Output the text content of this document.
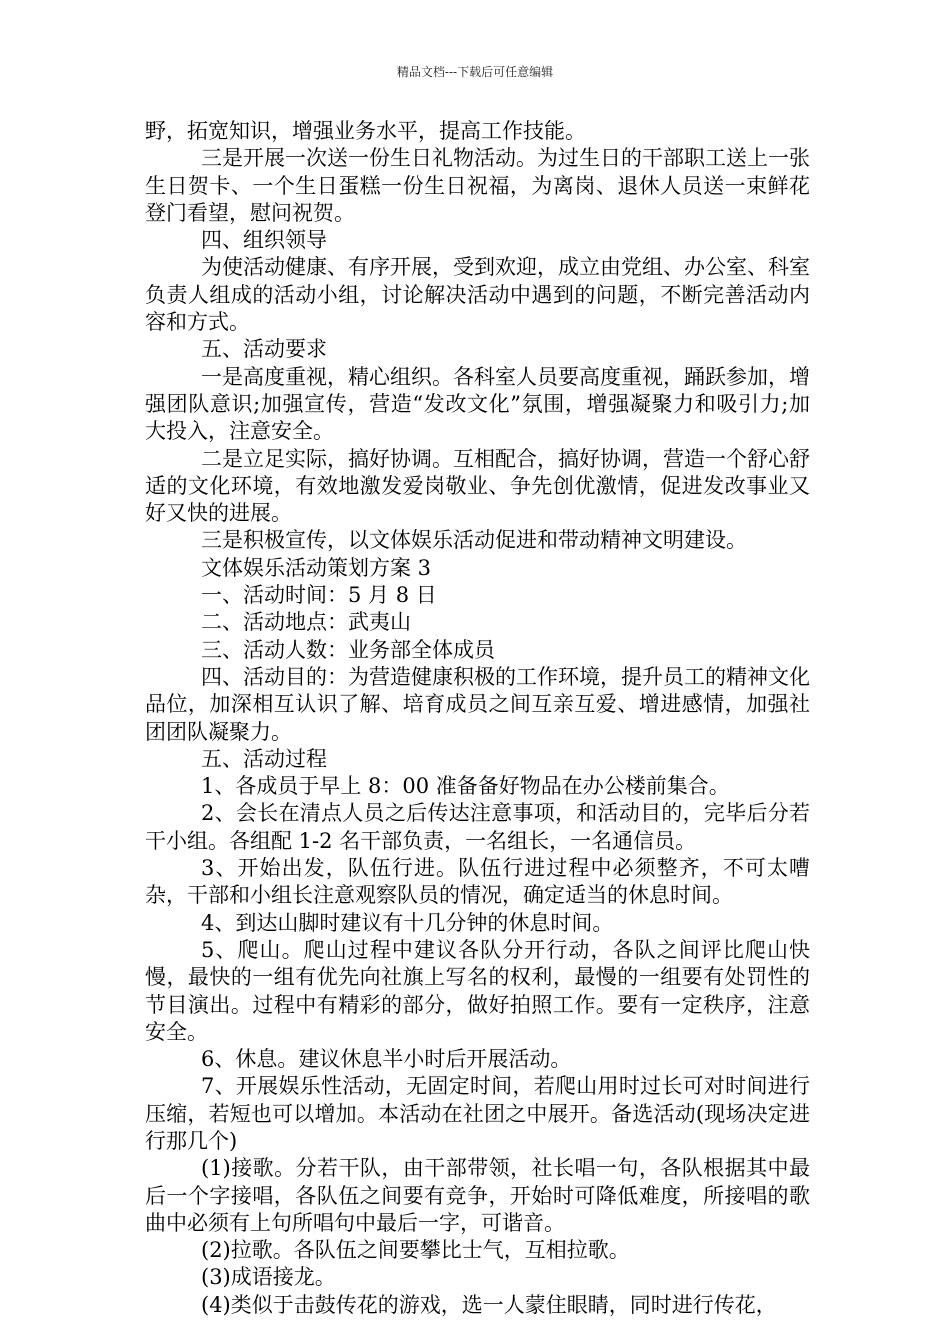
精品文档---下载后可任意编辑

野，拓宽知识，增强业务水平，提高工作技能。

三是开展一次送一份生日礼物活动。为过生日的干部职工送上一张生日贺卡、一个生日蛋糕一份生日祝福，为离岗、退休人员送一束鲜花登门看望，慰问祝贺。

四、组织领导

为使活动健康、有序开展，受到欢迎，成立由党组、办公室、科室负责人组成的活动小组，讨论解决活动中遇到的问题，不断完善活动内容和方式。

五、活动要求

一是高度重视，精心组织。各科室人员要高度重视，踊跃参加，增强团队意识;加强宣传，营造“发改文化”氛围，增强凝聚力和吸引力;加大投入，注意安全。

二是立足实际，搞好协调。互相配合，搞好协调，营造一个舒心舒适的文化环境，有效地激发爱岗敬业、争先创优激情，促进发改事业又好又快的进展。

三是积极宣传，以文体娱乐活动促进和带动精神文明建设。

文体娱乐活动策划方案 3

一、活动时间：5 月 8 日

二、活动地点：武夷山

三、活动人数：业务部全体成员

四、活动目的：为营造健康积极的工作环境，提升员工的精神文化品位，加深相互认识了解、培育成员之间互亲互爱、增进感情，加强社团团队凝聚力。

五、活动过程

1、各成员于早上 8：00 准备备好物品在办公楼前集合。

2、会长在清点人员之后传达注意事项，和活动目的，完毕后分若干小组。各组配 1-2 名干部负责，一名组长，一名通信员。

3、开始出发，队伍行进。队伍行进过程中必须整齐，不可太嘈杂，干部和小组长注意观察队员的情况，确定适当的休息时间。

4、到达山脚时建议有十几分钟的休息时间。

5、爬山。爬山过程中建议各队分开行动，各队之间评比爬山快慢，最快的一组有优先向社旗上写名的权利，最慢的一组要有处罚性的节目演出。过程中有精彩的部分，做好拍照工作。要有一定秩序，注意安全。

6、休息。建议休息半小时后开展活动。

7、开展娱乐性活动，无固定时间，若爬山用时过长可对时间进行压缩，若短也可以增加。本活动在社团之中展开。备选活动(现场决定进行那几个)

(1)接歌。分若干队，由干部带领，社长唱一句，各队根据其中最后一个字接唱，各队伍之间要有竞争，开始时可降低难度，所接唱的歌曲中必须有上句所唱句中最后一字，可谐音。

(2)拉歌。各队伍之间要攀比士气，互相拉歌。

(3)成语接龙。

(4)类似于击鼓传花的游戏，选一人蒙住眼睛，同时进行传花，
